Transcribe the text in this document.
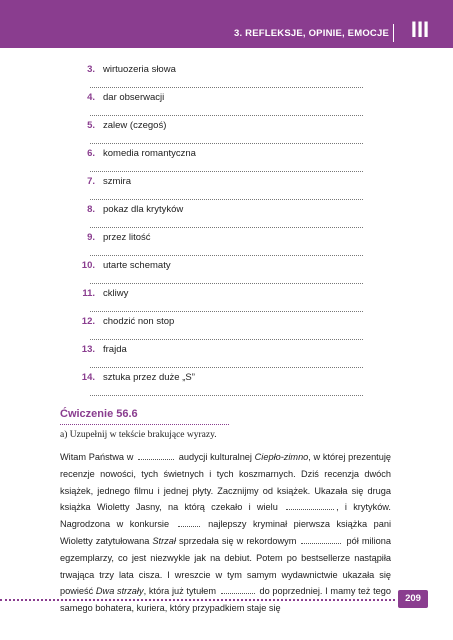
3. REFLEKSJE, OPINIE, EMOCJE III
3. wirtuozeria słowa
4. dar obserwacji
5. zalew (czegoś)
6. komedia romantyczna
7. szmira
8. pokaz dla krytyków
9. przez litość
10. utarte schematy
11. ckliwy
12. chodzić non stop
13. frajda
14. sztuka przez duże „S”
Ćwiczenie 56.6
a) Uzupełnij w tekście brakujące wyrazy.
Witam Państwa w	audycji kulturalnej Ciepło-zimno, w której prezentuję recenzje nowości, tych świetnych i tych koszmarnych. Dziś recenzja dwóch książek, jednego filmu i jednej płyty. Zacznijmy od książek. Ukazała się druga książka Wioletty Jasny, na którą czekało i wielu	, i krytyków. Nagrodzona w konkursie	najlepszy kryminał pierwsza książka pani Wioletty zatytułowana Strzał sprzedała się w rekordowym	pół miliona egzemplarzy, co jest niezwykle jak na debiut. Potem po bestsellerze nastąpiła trwająca trzy lata cisza. I wreszcie w tym samym wydawnictwie ukazała się powieść Dwa strzały, która już tytułem	do poprzedniej. I mamy też tego samego bohatera, kuriera, który przypadkiem staje się
209
